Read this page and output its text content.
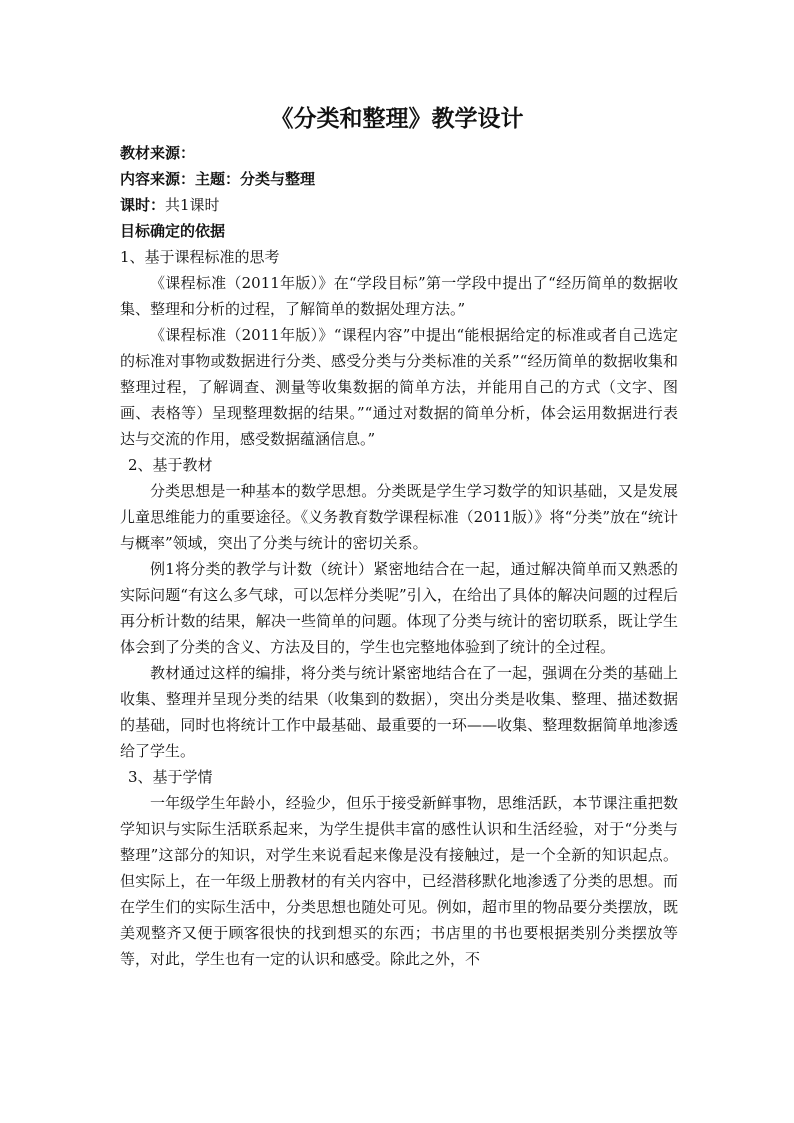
《分类和整理》教学设计
教材来源：
内容来源：主题：分类与整理
课时：共1课时
目标确定的依据
1、基于课程标准的思考

《课程标准（2011年版）》在“学段目标”第一学段中提出了“经历简单的数据收集、整理和分析的过程，了解简单的数据处理方法。”

《课程标准（2011年版）》“课程内容”中提出“能根据给定的标准或者自己选定的标准对事物或数据进行分类、感受分类与分类标准的关系”“经历简单的数据收集和整理过程，了解调查、测量等收集数据的简单方法，并能用自己的方式（文字、图画、表格等）呈现整理数据的结果。”“通过对数据的简单分析，体会运用数据进行表达与交流的作用，感受数据蕴涵信息。”

2、基于教材

分类思想是一种基本的数学思想。分类既是学生学习数学的知识基础，又是发展儿童思维能力的重要途径。《义务教育数学课程标准（2011版）》将“分类”放在“统计与概率”领域，突出了分类与统计的密切关系。

例1将分类的教学与计数（统计）紧密地结合在一起，通过解决简单而又熟悉的实际问题“有这么多气球，可以怎样分类呢”引入，在给出了具体的解决问题的过程后再分析计数的结果，解决一些简单的问题。体现了分类与统计的密切联系，既让学生体会到了分类的含义、方法及目的，学生也完整地体验到了统计的全过程。

教材通过这样的编排，将分类与统计紧密地结合在了一起，强调在分类的基础上收集、整理并呈现分类的结果（收集到的数据），突出分类是收集、整理、描述数据的基础，同时也将统计工作中最基础、最重要的一环——收集、整理数据简单地渗透给了学生。

3、基于学情

一年级学生年龄小，经验少，但乐于接受新鲜事物，思维活跃，本节课注重把数学知识与实际生活联系起来，为学生提供丰富的感性认识和生活经验，对于“分类与整理”这部分的知识，对学生来说看起来像是没有接触过，是一个全新的知识起点。但实际上，在一年级上册教材的有关内容中，已经潜移默化地渗透了分类的思想。而在学生们的实际生活中，分类思想也随处可见。例如，超市里的物品要分类摆放，既美观整齐又便于顾客很快的找到想买的东西；书店里的书也要根据类别分类摆放等等，对此，学生也有一定的认识和感受。除此之外，不
